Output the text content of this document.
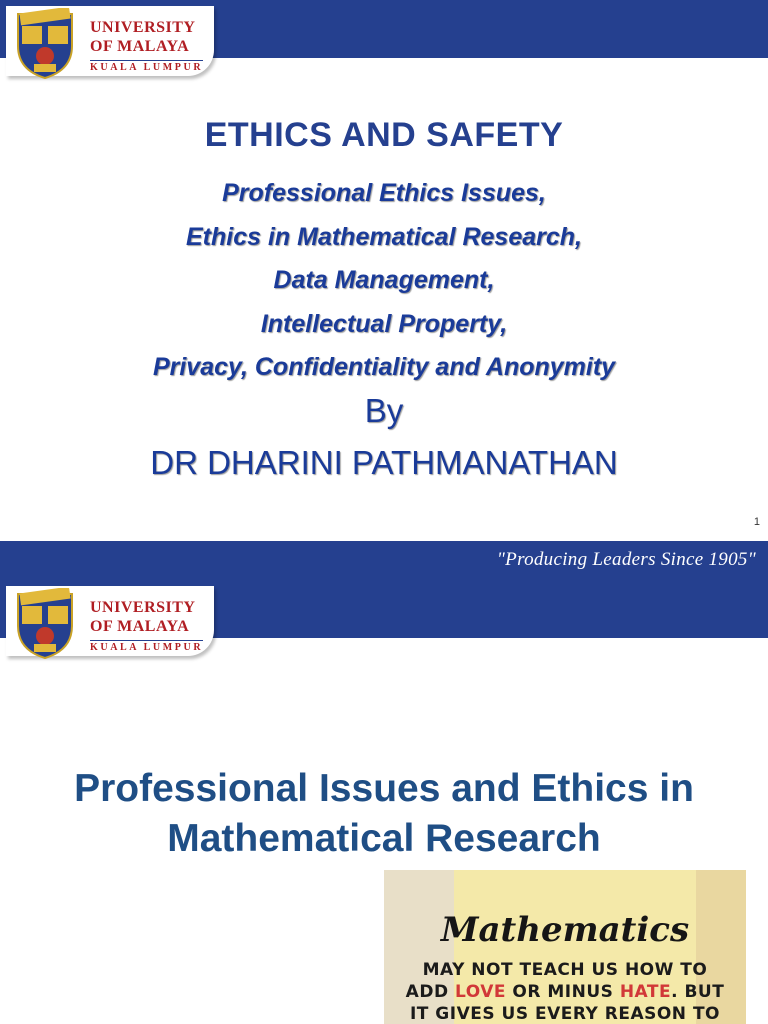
UNIVERSITY
OF MALAYA
KUALA LUMPUR
ETHICS AND SAFETY
Professional Ethics Issues,
Ethics in Mathematical Research,
Data Management,
Intellectual Property,
Privacy, Confidentiality and Anonymity
By
DR DHARINI PATHMANATHAN
1
"Producing Leaders Since 1905"
UNIVERSITY
OF MALAYA
KUALA LUMPUR
Professional Issues and Ethics in
Mathematical Research
Mathematics
MAY NOT TEACH US HOW TO
ADD LOVE OR MINUS HATE. BUT
IT GIVES US EVERY REASON TO
